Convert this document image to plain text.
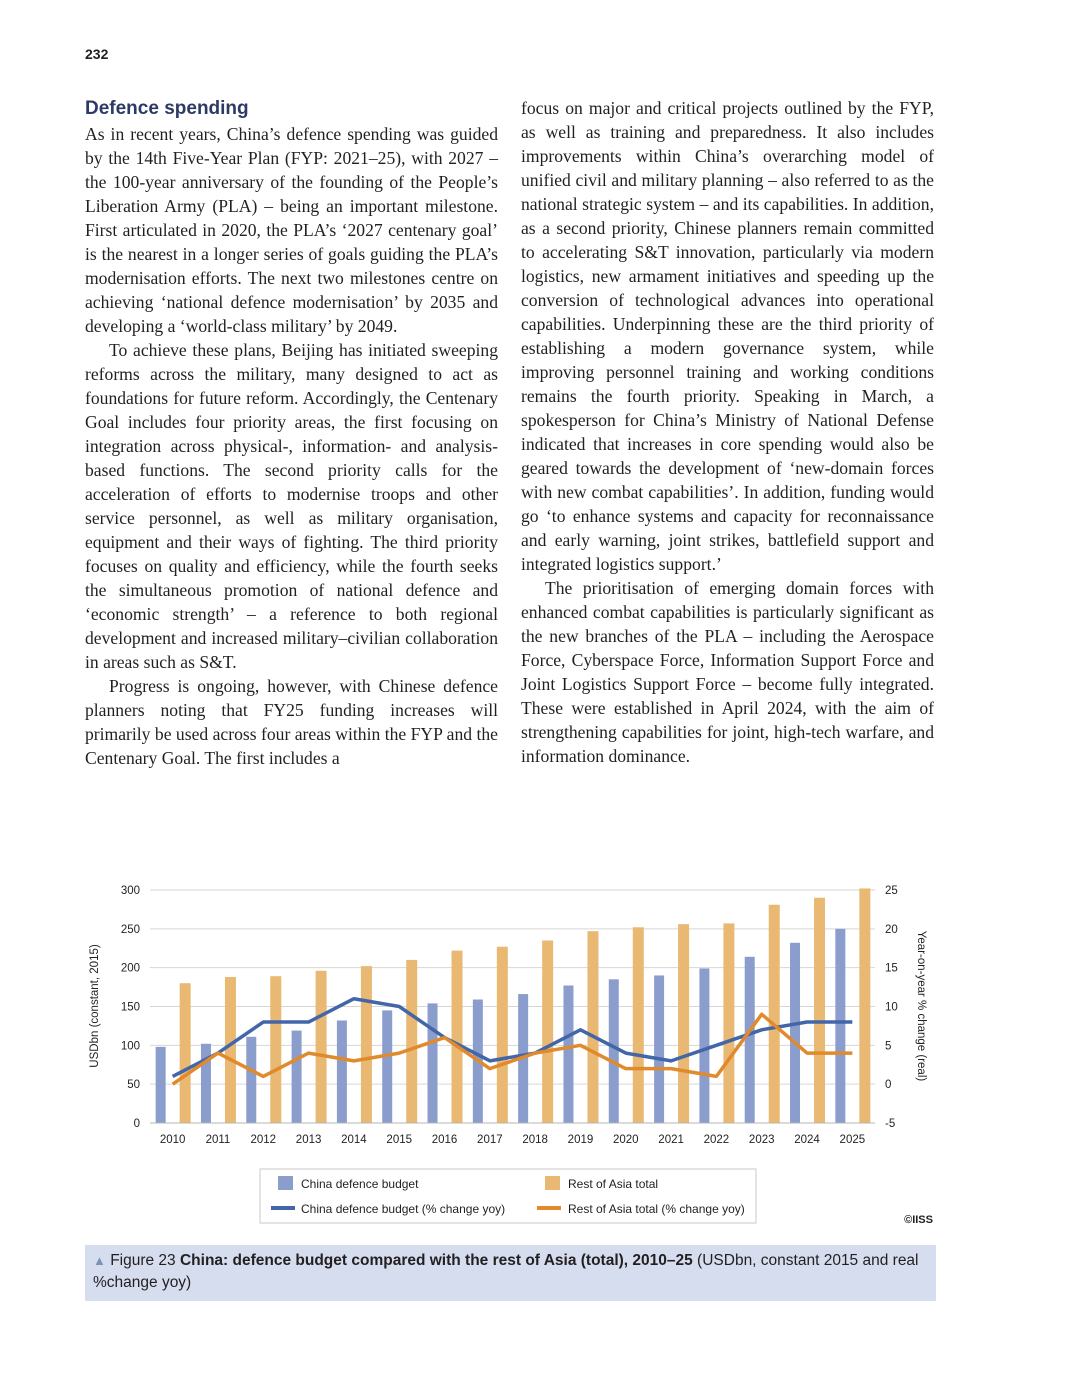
232
Defence spending

As in recent years, China’s defence spending was guided by the 14th Five-Year Plan (FYP: 2021–25), with 2027 – the 100-year anniversary of the founding of the People’s Liberation Army (PLA) – being an important milestone. First articulated in 2020, the PLA’s ‘2027 centenary goal’ is the nearest in a longer series of goals guiding the PLA’s modernisation efforts. The next two milestones centre on achieving ‘national defence modernisation’ by 2035 and developing a ‘world-class military’ by 2049.

To achieve these plans, Beijing has initiated sweeping reforms across the military, many designed to act as foundations for future reform. Accordingly, the Centenary Goal includes four priority areas, the first focusing on integration across physical-, information- and analysis-based functions. The second priority calls for the acceleration of efforts to modernise troops and other service personnel, as well as military organisation, equipment and their ways of fighting. The third priority focuses on quality and efficiency, while the fourth seeks the simultaneous promotion of national defence and ‘economic strength’ – a reference to both regional development and increased military–civilian collaboration in areas such as S&T.

Progress is ongoing, however, with Chinese defence planners noting that FY25 funding increases will primarily be used across four areas within the FYP and the Centenary Goal. The first includes a

focus on major and critical projects outlined by the FYP, as well as training and preparedness. It also includes improvements within China’s overarching model of unified civil and military planning – also referred to as the national strategic system – and its capabilities. In addition, as a second priority, Chinese planners remain committed to accelerating S&T innovation, particularly via modern logistics, new armament initiatives and speeding up the conversion of technological advances into operational capabilities. Underpinning these are the third priority of establishing a modern governance system, while improving personnel training and working conditions remains the fourth priority. Speaking in March, a spokesperson for China’s Ministry of National Defense indicated that increases in core spending would also be geared towards the development of ‘new-domain forces with new combat capabilities’. In addition, funding would go ‘to enhance systems and capacity for reconnaissance and early warning, joint strikes, battlefield support and integrated logistics support.’

The prioritisation of emerging domain forces with enhanced combat capabilities is particularly significant as the new branches of the PLA – including the Aerospace Force, Cyberspace Force, Information Support Force and Joint Logistics Support Force – become fully integrated. These were established in April 2024, with the aim of strengthening capabilities for joint, high-tech warfare, and information dominance.

0
50
100
150
200
250
300
-5
0
5
10
15
20
25
2010 2011 2012 2013 2014 2015 2016 2017 2018 2019 2020 2021 2022 2023 2024 2025
USDbn (constant, 2015)	Year-on-year % change (real)
China defence budget
China defence budget (% change yoy)
Rest of Asia total
Rest of Asia total (% change yoy)
©IISS
▲ Figure 23 China: defence budget compared with the rest of Asia (total), 2010–25 (USDbn, constant 2015 and real %change yoy)
